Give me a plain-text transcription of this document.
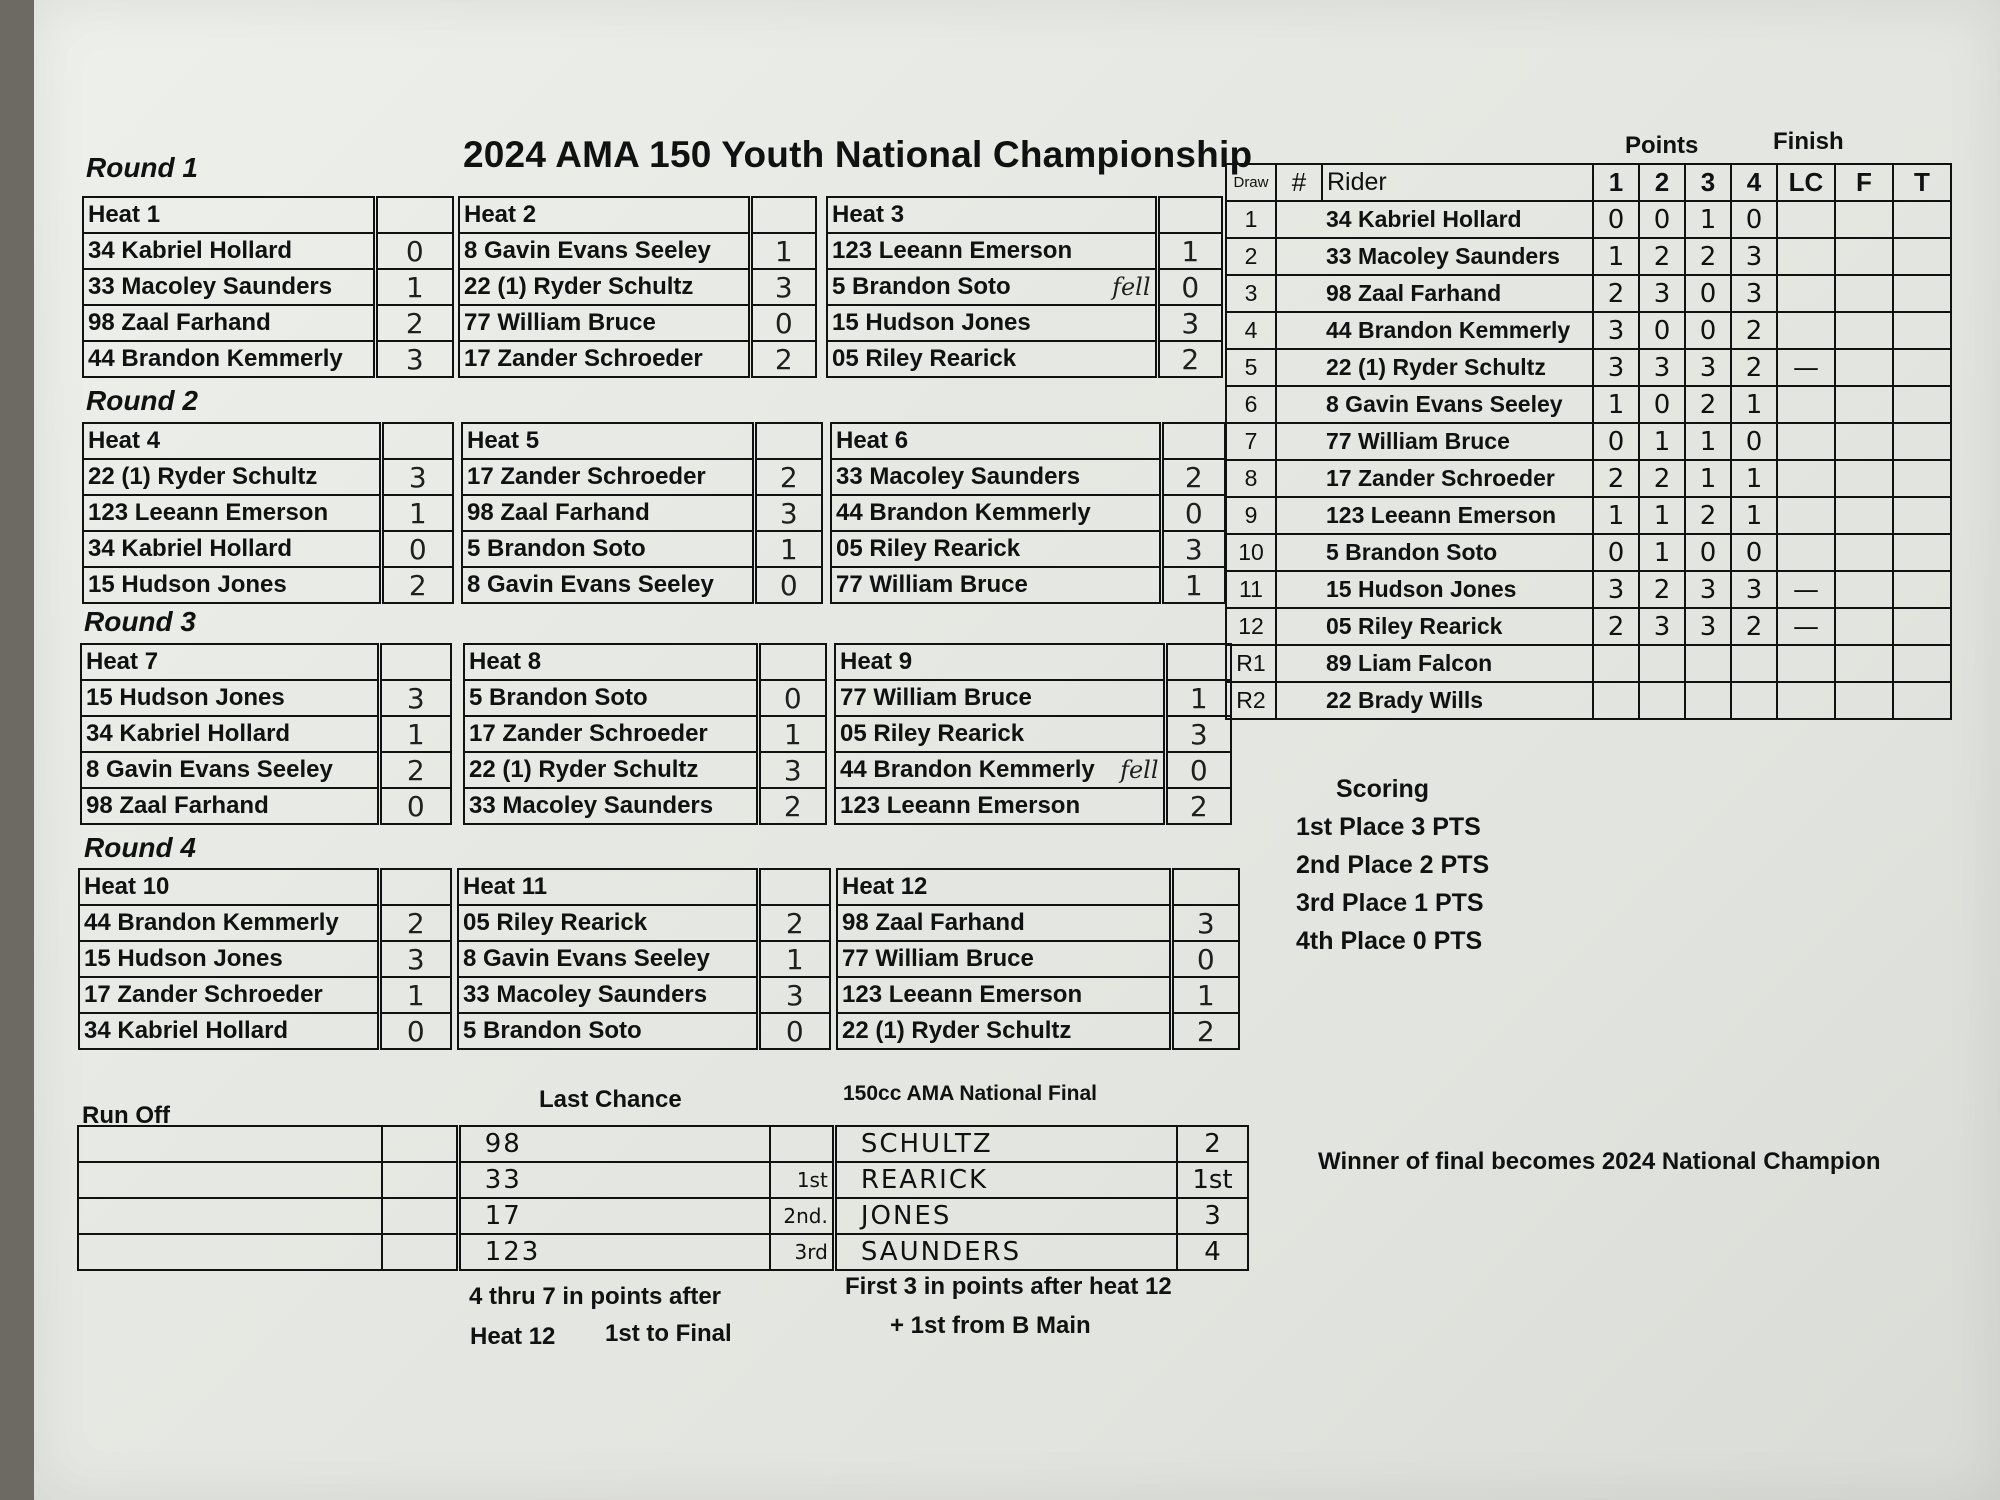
2024 AMA 150 Youth National Championship	Points	Finish
Round 1
Round 2
Round 3
Round 4
Heat 1	
34 Kabriel Hollard	0
33 Macoley Saunders	1
98 Zaal Farhand	2
44 Brandon Kemmerly	3
Heat 2	
8 Gavin Evans Seeley	1
22 (1) Ryder Schultz	3
77 William Bruce	0
17 Zander Schroeder	2
Heat 3	
123 Leeann Emerson	1
5 Brandon Soto fell	0
15 Hudson Jones	3
05 Riley Rearick	2
Heat 4	
22 (1) Ryder Schultz	3
123 Leeann Emerson	1
34 Kabriel Hollard	0
15 Hudson Jones	2
Heat 5	
17 Zander Schroeder	2
98 Zaal Farhand	3
5 Brandon Soto	1
8 Gavin Evans Seeley	0
Heat 6	
33 Macoley Saunders	2
44 Brandon Kemmerly	0
05 Riley Rearick	3
77 William Bruce	1
Heat 7	
15 Hudson Jones	3
34 Kabriel Hollard	1
8 Gavin Evans Seeley	2
98 Zaal Farhand	0
Heat 8	
5 Brandon Soto	0
17 Zander Schroeder	1
22 (1) Ryder Schultz	3
33 Macoley Saunders	2
Heat 9	
77 William Bruce	1
05 Riley Rearick	3
44 Brandon Kemmerly fell	0
123 Leeann Emerson	2
Heat 10	
44 Brandon Kemmerly	2
15 Hudson Jones	3
17 Zander Schroeder	1
34 Kabriel Hollard	0
Heat 11	
05 Riley Rearick	2
8 Gavin Evans Seeley	1
33 Macoley Saunders	3
5 Brandon Soto	0
Heat 12	
98 Zaal Farhand	3
77 William Bruce	0
123 Leeann Emerson	1
22 (1) Ryder Schultz	2
Draw	#	Rider	1	2	3	4	LC	F	T
1		34 Kabriel Hollard	0	0	1	0			
2		33 Macoley Saunders	1	2	2	3			
3		98 Zaal Farhand	2	3	0	3			
4		44 Brandon Kemmerly	3	0	0	2			
5		22 (1) Ryder Schultz	3	3	3	2	—		
6		8 Gavin Evans Seeley	1	0	2	1			
7		77 William Bruce	0	1	1	0			
8		17 Zander Schroeder	2	2	1	1			
9		123 Leeann Emerson	1	1	2	1			
10		5 Brandon Soto	0	1	0	0			
11		15 Hudson Jones	3	2	3	3	—		
12		05 Riley Rearick	2	3	3	2	—		
R1		89 Liam Falcon							
R2		22 Brady Wills							
Scoring
1st Place 3 PTS
2nd Place 2 PTS
3rd Place 1 PTS
4th Place 0 PTS
Run Off
Last Chance	150cc AMA National Final
		98		SCHULTZ	2
		33	1st	REARICK	1st
		17	2nd.	JONES	3
		123	3rd	SAUNDERS	4
4 thru 7 in points after
Heat 12 1st to Final
First 3 in points after heat 12
+ 1st from B Main
Winner of final becomes 2024 National Champion
